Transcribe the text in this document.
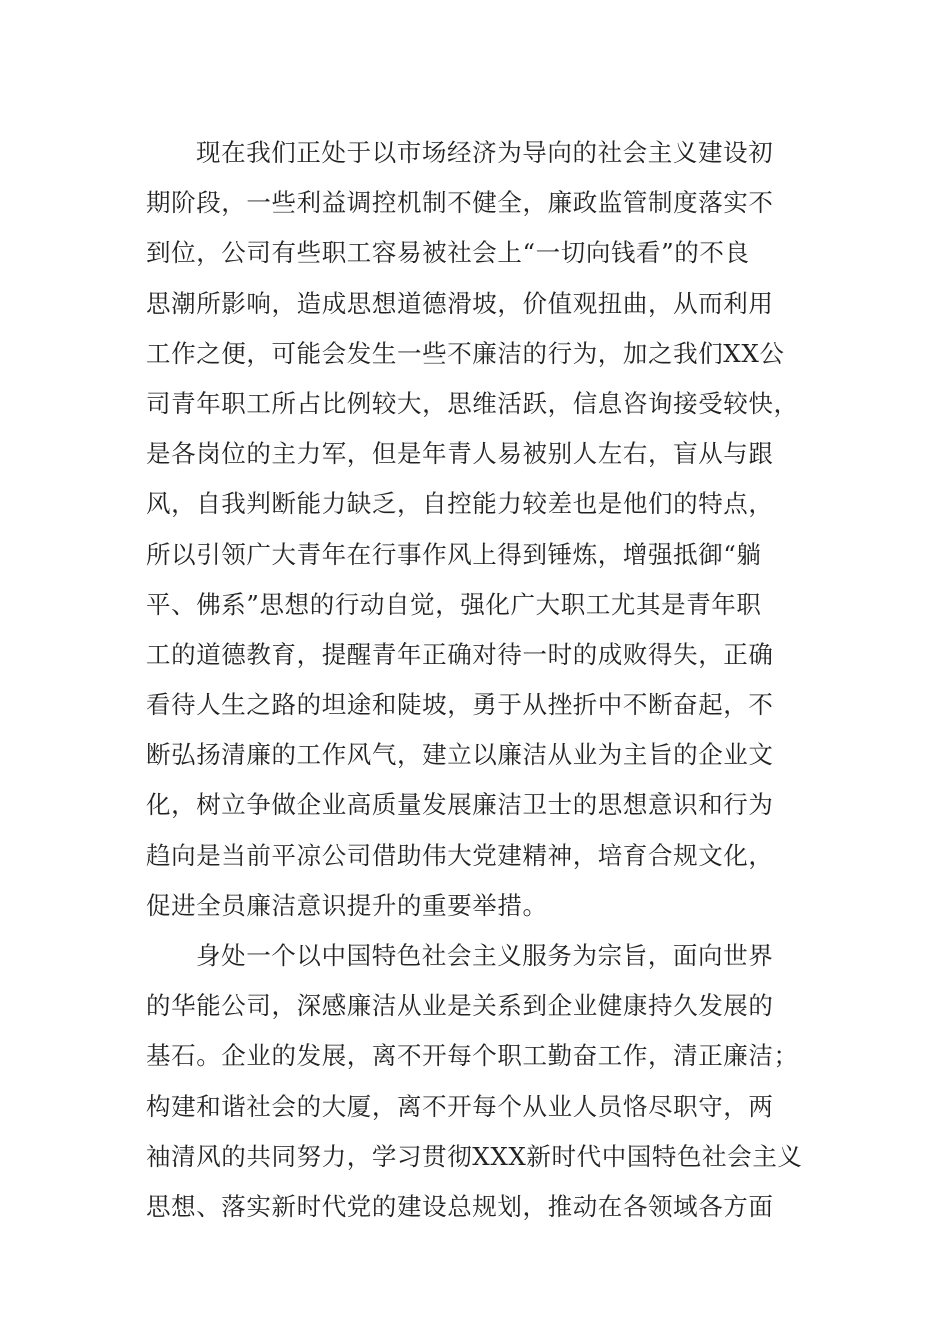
现在我们正处于以市场经济为导向的社会主义建设初
期阶段，一些利益调控机制不健全，廉政监管制度落实不
到位，公司有些职工容易被社会上“一切向钱看”的不良
思潮所影响，造成思想道德滑坡，价值观扭曲，从而利用
工作之便，可能会发生一些不廉洁的行为，加之我们XX公
司青年职工所占比例较大，思维活跃，信息咨询接受较快，
是各岗位的主力军，但是年青人易被别人左右，盲从与跟
风，自我判断能力缺乏，自控能力较差也是他们的特点，
所以引领广大青年在行事作风上得到锤炼，增强抵御“躺
平、佛系”思想的行动自觉，强化广大职工尤其是青年职
工的道德教育，提醒青年正确对待一时的成败得失，正确
看待人生之路的坦途和陡坡，勇于从挫折中不断奋起，不
断弘扬清廉的工作风气，建立以廉洁从业为主旨的企业文
化，树立争做企业高质量发展廉洁卫士的思想意识和行为
趋向是当前平凉公司借助伟大党建精神，培育合规文化，
促进全员廉洁意识提升的重要举措。
身处一个以中国特色社会主义服务为宗旨，面向世界
的华能公司，深感廉洁从业是关系到企业健康持久发展的
基石。企业的发展，离不开每个职工勤奋工作，清正廉洁；
构建和谐社会的大厦，离不开每个从业人员恪尽职守，两
袖清风的共同努力，学习贯彻XXX新时代中国特色社会主义
思想、落实新时代党的建设总规划，推动在各领域各方面
